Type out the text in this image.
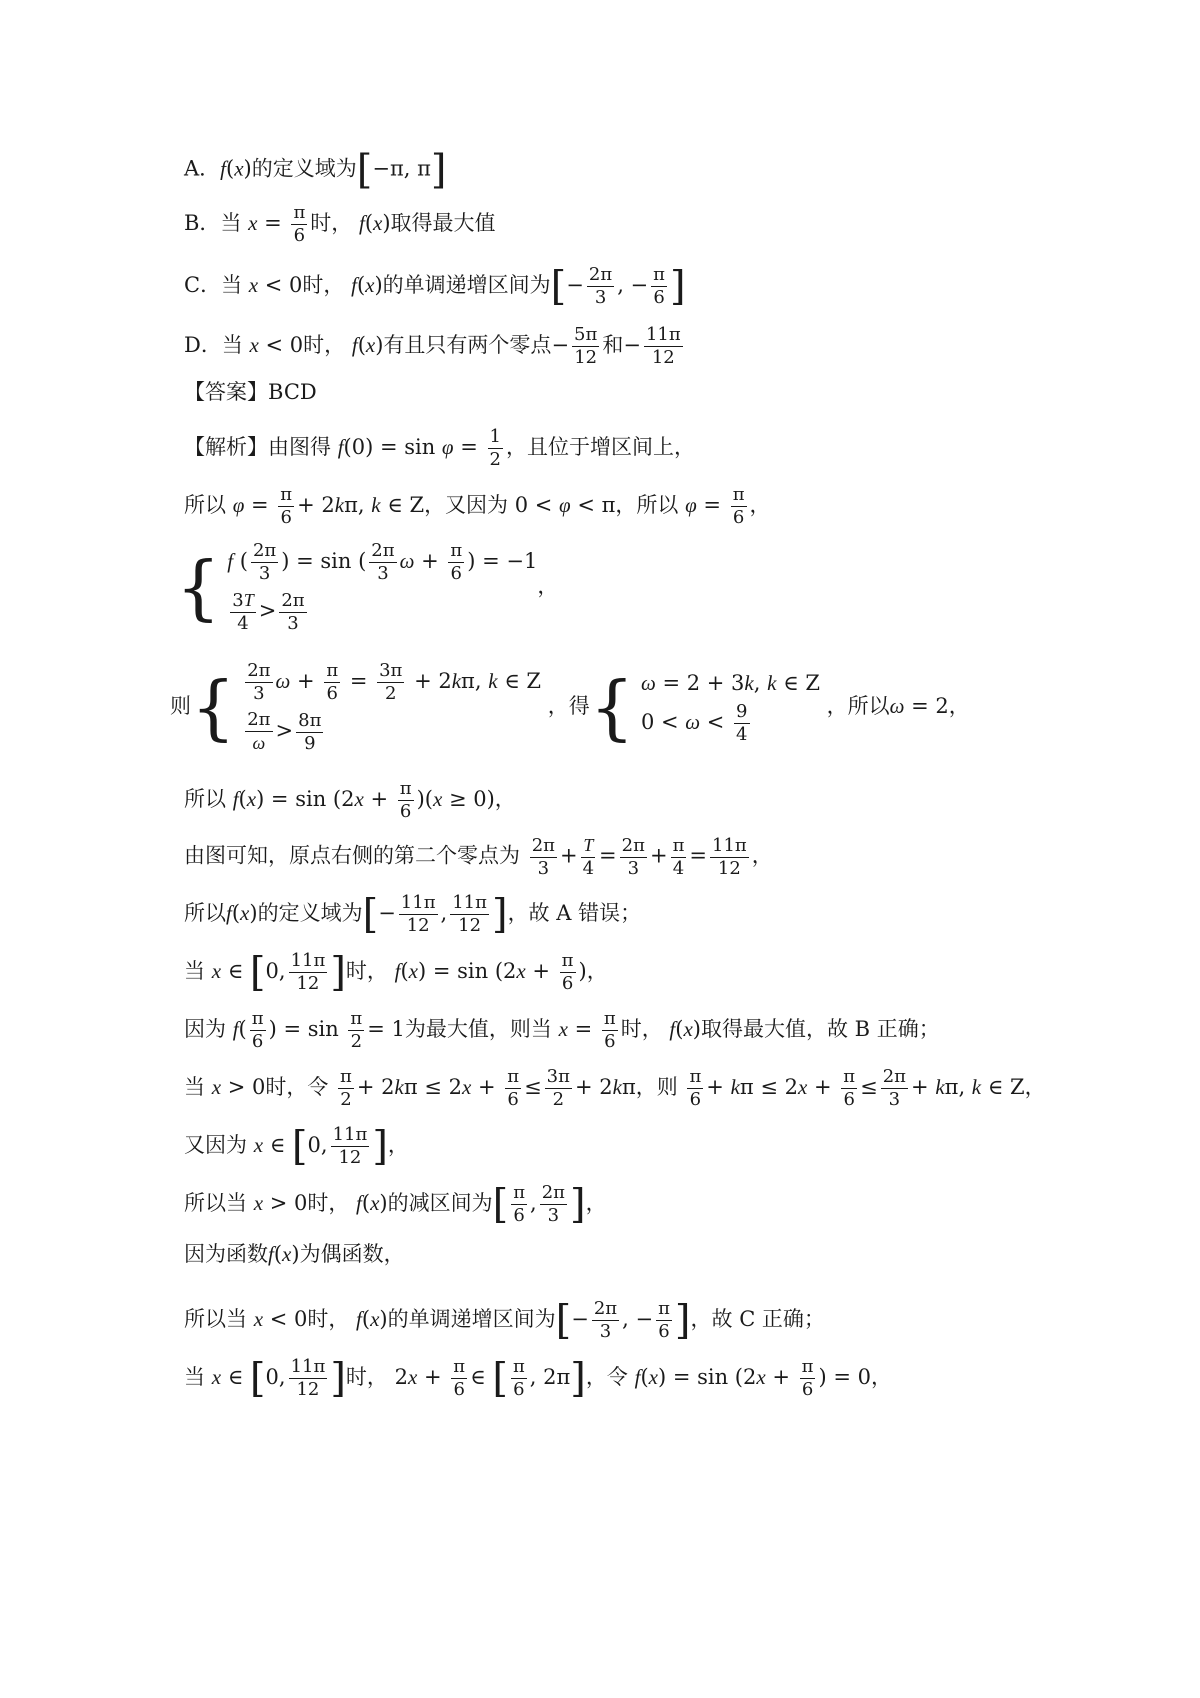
A．f(x)的定义域为[−π, π]
B．当 $x = \frac{\pi}{6}$ 时， f(x)取得最大值
C．当 x < 0时， f(x)的单调递增区间为[− $\frac{2\pi}{3}$ , − $\frac{\pi}{6}$ ]
D．当 x < 0时， f(x)有且只有两个零点− $\frac{5\pi}{12}$ 和− $\frac{11\pi}{12}$
【答案】BCD
【解析】由图得 $f(0) = \sin \varphi = \frac{1}{2}$ ，且位于增区间上，
所以 $\varphi = \frac{\pi}{6} + 2k\pi$, k ∈ Z，又因为 0 < φ < π，所以 $\varphi = \frac{\pi}{6}$ ，
{ f ( $\frac{2\pi}{3}$ ) = sin ( $\frac{2\pi}{3}$ $\omega + \frac{\pi}{6}$ ) = −1
$\frac{3T}{4} > \frac{2\pi}{3}$
，
则{ $\frac{2\pi}{3}$ $\omega + \frac{\pi}{6} = \frac{3\pi}{2} + 2k\pi$, k ∈ Z
$\frac{2\pi}{\omega} > \frac{8\pi}{9}$
，得{ ω = 2 + 3k, k ∈ Z
$0 < \omega < \frac{9}{4}$	，所以ω = 2，
所以 $f(x) = \sin (2x + \frac{\pi}{6} )(x \ge 0)$，
由图可知，原点右侧的第二个零点为 $\frac{2\pi}{3} + \frac{T}{4} = \frac{2\pi}{3} + \frac{\pi}{4} = \frac{11\pi}{12}$ ，
所以f(x)的定义域为[− $\frac{11\pi}{12}$ , $\frac{11\pi}{12}$ ]，故 A 错误；
当 x ∈ [0, $\frac{11\pi}{12}$ ]时， $f(x) = \sin (2x + \frac{\pi}{6}$ )，
因为 $f( \frac{\pi}{6}$ ) = $\sin \frac{\pi}{2} = 1$为最大值，则当 $x = \frac{\pi}{6}$ 时， f(x)取得最大值，故 B 正确；
当 x > 0时，令 $\frac{\pi}{2} + 2k\pi \le 2x + \frac{\pi}{6} \le \frac{3\pi}{2} + 2k\pi$，则 $\frac{\pi}{6} + k\pi \le 2x + \frac{\pi}{6} \le \frac{2\pi}{3} + k\pi$, k ∈ Z，
又因为 x ∈ [0, $\frac{11\pi}{12}$ ]，
所以当 x > 0时， f(x)的减区间为[ $\frac{\pi}{6}$ , $\frac{2\pi}{3}$ ]，
因为函数f(x)为偶函数，
所以当 x < 0时， f(x)的单调递增区间为[− $\frac{2\pi}{3}$ , − $\frac{\pi}{6}$ ]，故 C 正确；
当 x ∈ [0, $\frac{11\pi}{12}$ ]时， $2x + \frac{\pi}{6}$ ∈ [ $\frac{\pi}{6}$ , 2π]，令 $f(x) = \sin (2x + \frac{\pi}{6}$ ) = 0，
